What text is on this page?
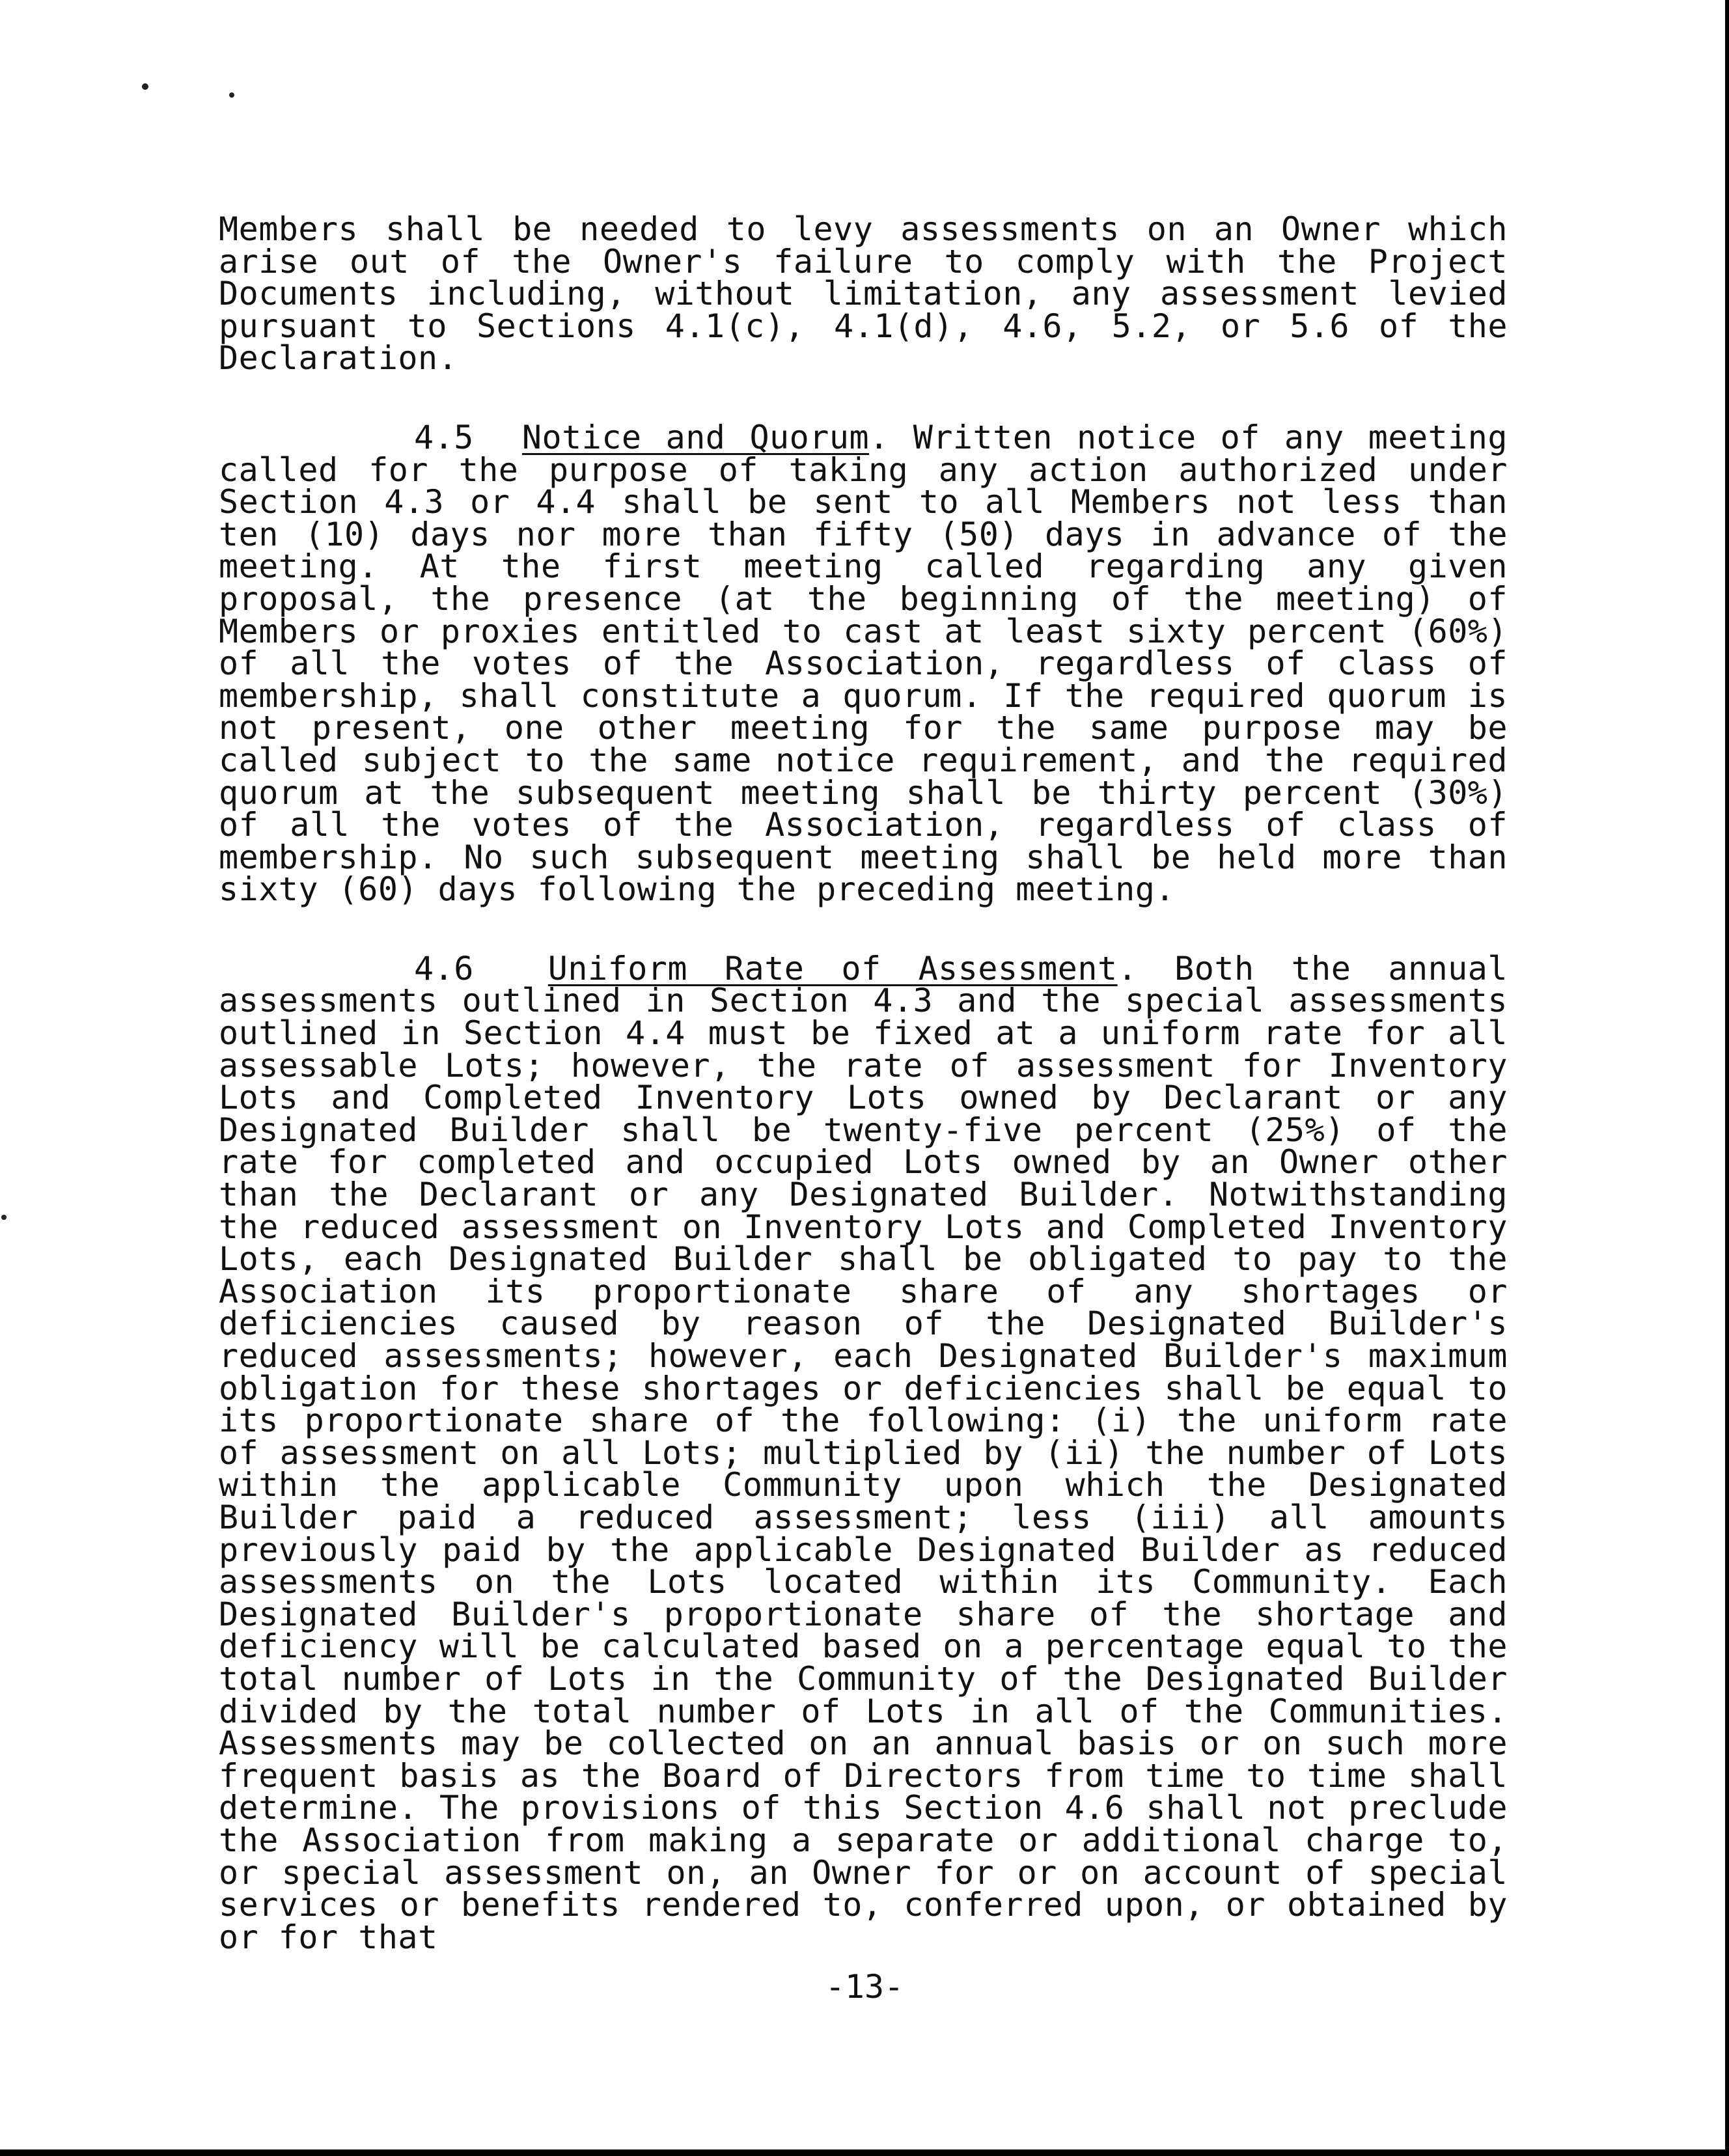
Members shall be needed to levy assessments on an Owner which arise out of the Owner's failure to comply with the Project Documents including, without limitation, any assessment levied pursuant to Sections 4.1(c), 4.1(d), 4.6, 5.2, or 5.6 of the Declaration.

4.5 Notice and Quorum. Written notice of any meeting called for the purpose of taking any action authorized under Section 4.3 or 4.4 shall be sent to all Members not less than ten (10) days nor more than fifty (50) days in advance of the meeting. At the first meeting called regarding any given proposal, the presence (at the beginning of the meeting) of Members or proxies entitled to cast at least sixty percent (60%) of all the votes of the Association, regardless of class of membership, shall constitute a quorum. If the required quorum is not present, one other meeting for the same purpose may be called subject to the same notice requirement, and the required quorum at the subsequent meeting shall be thirty percent (30%) of all the votes of the Association, regardless of class of membership. No such subsequent meeting shall be held more than sixty (60) days following the preceding meeting.

4.6 Uniform Rate of Assessment. Both the annual assessments outlined in Section 4.3 and the special assessments outlined in Section 4.4 must be fixed at a uniform rate for all assessable Lots; however, the rate of assessment for Inventory Lots and Completed Inventory Lots owned by Declarant or any Designated Builder shall be twenty-five percent (25%) of the rate for completed and occupied Lots owned by an Owner other than the Declarant or any Designated Builder. Notwithstanding the reduced assessment on Inventory Lots and Completed Inventory Lots, each Designated Builder shall be obligated to pay to the Association its proportionate share of any shortages or deficiencies caused by reason of the Designated Builder's reduced assessments; however, each Designated Builder's maximum obligation for these shortages or deficiencies shall be equal to its proportionate share of the following: (i) the uniform rate of assessment on all Lots; multiplied by (ii) the number of Lots within the applicable Community upon which the Designated Builder paid a reduced assessment; less (iii) all amounts previously paid by the applicable Designated Builder as reduced assessments on the Lots located within its Community. Each Designated Builder's proportionate share of the shortage and deficiency will be calculated based on a percentage equal to the total number of Lots in the Community of the Designated Builder divided by the total number of Lots in all of the Communities. Assessments may be collected on an annual basis or on such more frequent basis as the Board of Directors from time to time shall determine. The provisions of this Section 4.6 shall not preclude the Association from making a separate or additional charge to, or special assessment on, an Owner for or on account of special services or benefits rendered to, conferred upon, or obtained by or for that

-13-
